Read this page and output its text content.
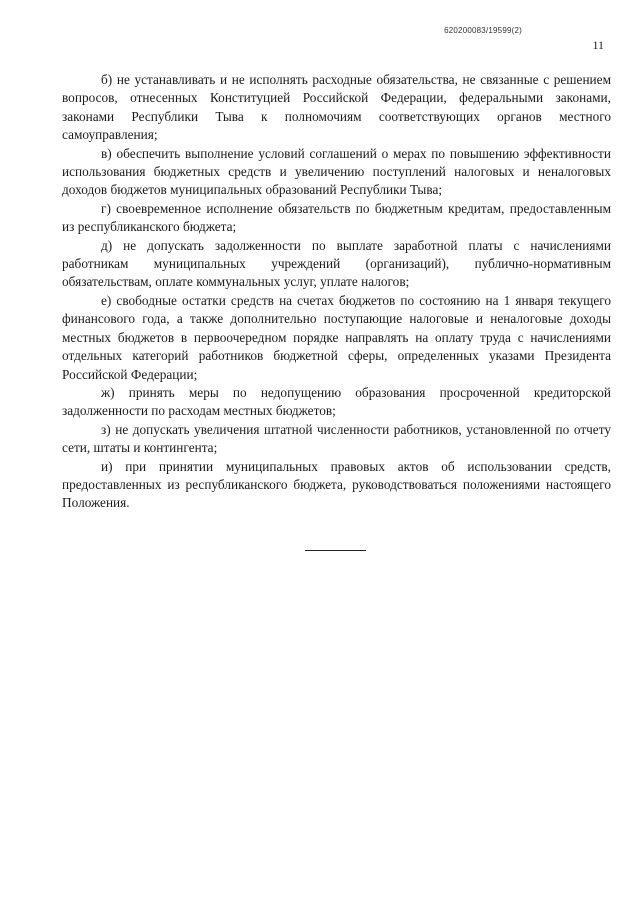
620200083/19599(2)
11

б) не устанавливать и не исполнять расходные обязательства, не связанные с решением вопросов, отнесенных Конституцией Российской Федерации, федеральными законами, законами Республики Тыва к полномочиям соответствующих органов местного самоуправления;

в) обеспечить выполнение условий соглашений о мерах по повышению эффективности использования бюджетных средств и увеличению поступлений налоговых и неналоговых доходов бюджетов муниципальных образований Республики Тыва;

г) своевременное исполнение обязательств по бюджетным кредитам, предоставленным из республиканского бюджета;

д) не допускать задолженности по выплате заработной платы с начислениями работникам муниципальных учреждений (организаций), публично-нормативным обязательствам, оплате коммунальных услуг, уплате налогов;

е) свободные остатки средств на счетах бюджетов по состоянию на 1 января текущего финансового года, а также дополнительно поступающие налоговые и неналоговые доходы местных бюджетов в первоочередном порядке направлять на оплату труда с начислениями отдельных категорий работников бюджетной сферы, определенных указами Президента Российской Федерации;

ж) принять меры по недопущению образования просроченной кредиторской задолженности по расходам местных бюджетов;

з) не допускать увеличения штатной численности работников, установленной по отчету сети, штаты и контингента;

и) при принятии муниципальных правовых актов об использовании средств, предоставленных из республиканского бюджета, руководствоваться положениями настоящего Положения.
